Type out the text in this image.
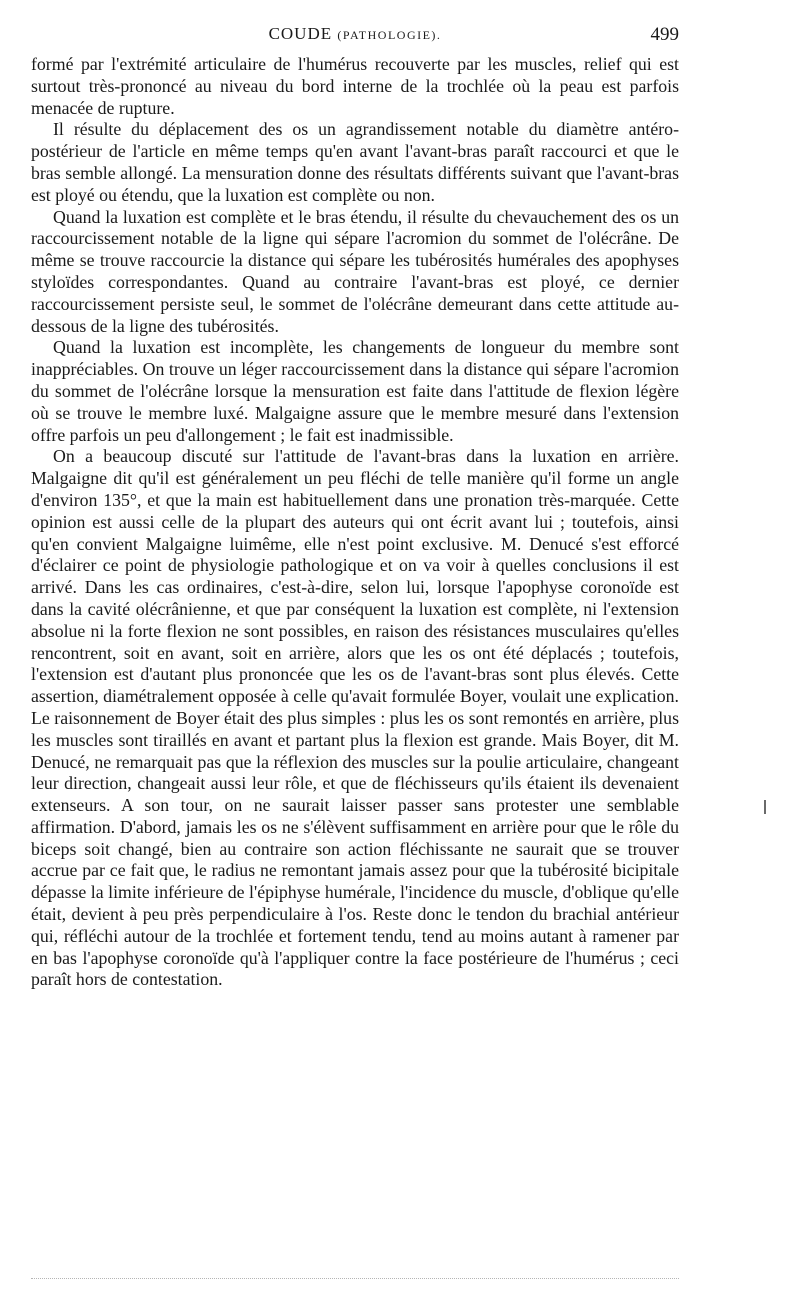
COUDE (PATHOLOGIE).	499

formé par l'extrémité articulaire de l'humérus recouverte par les muscles, relief qui est surtout très-prononcé au niveau du bord interne de la trochlée où la peau est parfois menacée de rupture.

Il résulte du déplacement des os un agrandissement notable du diamètre antéro-postérieur de l'article en même temps qu'en avant l'avant-bras paraît raccourci et que le bras semble allongé. La mensuration donne des résultats différents suivant que l'avant-bras est ployé ou étendu, que la luxation est complète ou non.

Quand la luxation est complète et le bras étendu, il résulte du chevauchement des os un raccourcissement notable de la ligne qui sépare l'acromion du sommet de l'olécrâne. De même se trouve raccourcie la distance qui sépare les tubérosités humérales des apophyses styloïdes correspondantes. Quand au contraire l'avant-bras est ployé, ce dernier raccourcissement persiste seul, le sommet de l'olécrâne demeurant dans cette attitude au-dessous de la ligne des tubérosités.

Quand la luxation est incomplète, les changements de longueur du membre sont inappréciables. On trouve un léger raccourcissement dans la distance qui sépare l'acromion du sommet de l'olécrâne lorsque la mensuration est faite dans l'attitude de flexion légère où se trouve le membre luxé. Malgaigne assure que le membre mesuré dans l'extension offre parfois un peu d'allongement ; le fait est inadmissible.

On a beaucoup discuté sur l'attitude de l'avant-bras dans la luxation en arrière. Malgaigne dit qu'il est généralement un peu fléchi de telle manière qu'il forme un angle d'environ 135°, et que la main est habituellement dans une pronation très-marquée. Cette opinion est aussi celle de la plupart des auteurs qui ont écrit avant lui ; toutefois, ainsi qu'en convient Malgaigne luimême, elle n'est point exclusive. M. Denucé s'est efforcé d'éclairer ce point de physiologie pathologique et on va voir à quelles conclusions il est arrivé. Dans les cas ordinaires, c'est-à-dire, selon lui, lorsque l'apophyse coronoïde est dans la cavité olécrânienne, et que par conséquent la luxation est complète, ni l'extension absolue ni la forte flexion ne sont possibles, en raison des résistances musculaires qu'elles rencontrent, soit en avant, soit en arrière, alors que les os ont été déplacés ; toutefois, l'extension est d'autant plus prononcée que les os de l'avant-bras sont plus élevés. Cette assertion, diamétralement opposée à celle qu'avait formulée Boyer, voulait une explication. Le raisonnement de Boyer était des plus simples : plus les os sont remontés en arrière, plus les muscles sont tiraillés en avant et partant plus la flexion est grande. Mais Boyer, dit M. Denucé, ne remarquait pas que la réflexion des muscles sur la poulie articulaire, changeant leur direction, changeait aussi leur rôle, et que de fléchisseurs qu'ils étaient ils devenaient extenseurs. A son tour, on ne saurait laisser passer sans protester une semblable affirmation. D'abord, jamais les os ne s'élèvent suffisamment en arrière pour que le rôle du biceps soit changé, bien au contraire son action fléchissante ne saurait que se trouver accrue par ce fait que, le radius ne remontant jamais assez pour que la tubérosité bicipitale dépasse la limite inférieure de l'épiphyse humérale, l'incidence du muscle, d'oblique qu'elle était, devient à peu près perpendiculaire à l'os. Reste donc le tendon du brachial antérieur qui, réfléchi autour de la trochlée et fortement tendu, tend au moins autant à ramener par en bas l'apophyse coronoïde qu'à l'appliquer contre la face postérieure de l'humérus ; ceci paraît hors de contestation.
